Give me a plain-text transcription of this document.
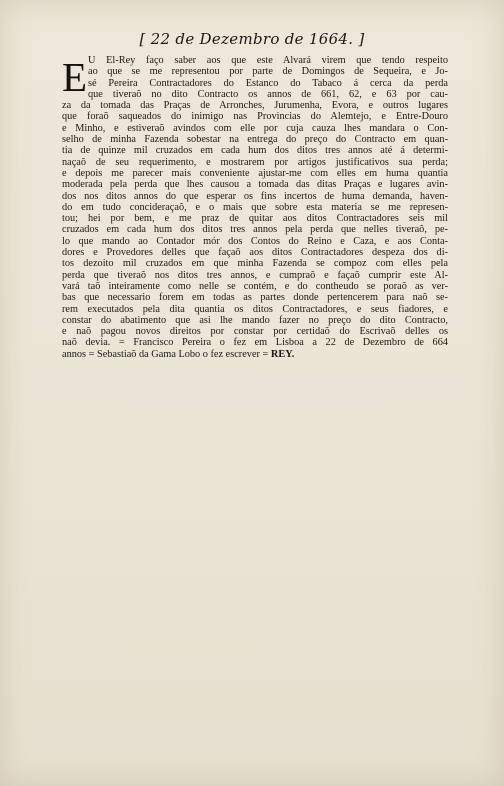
[ 22 de Dezembro de 1664. ]
E U El-Rey faço saber aos que este Alvará virem que tendo respeito
ao que se me representou por parte de Domingos de Sequeira, e Jo-
sé Pereira Contractadores do Estanco do Tabaco á cerca da perda
que tiveraõ no dito Contracto os annos de 661, 62, e 63 por cau-
za da tomada das Praças de Arronches, Jurumenha, Evora, e outros lugares
que foraõ saqueados do inimigo nas Provincias do Alemtejo, e Entre-Douro
e Minho, e estiveraõ avindos com elle por cuja cauza lhes mandara o Con-
selho de minha Fazenda sobestar na entrega do preço do Contracto em quan-
tia de quinze mil cruzados em cada hum dos ditos tres annos até á determi-
naçaõ de seu requerimento, e mostrarem por artigos justificativos sua perda;
e depois me parecer mais conveniente ajustar-me com elles em huma quantia
moderada pela perda que lhes causou a tomada das ditas Praças e lugares avin-
dos nos ditos annos do que esperar os fins incertos de huma demanda, haven-
do em tudo concideraçaõ, e o mais que sobre esta materia se me represen-
tou; hei por bem, e me praz de quitar aos ditos Contractadores seis mil
cruzados em cada hum dos ditos tres annos pela perda que nelles tiveraõ, pe-
lo que mando ao Contador mór dos Contos do Reino e Caza, e aos Conta-
dores e Provedores delles que façaõ aos ditos Contractadores despeza dos di-
tos dezoito mil cruzados em que minha Fazenda se compoz com elles pela
perda que tiveraõ nos ditos tres annos, e cumpraõ e façaõ cumprir este Al-
vará taõ inteiramente como nelle se contém, e do contheudo se poraõ as ver-
bas que necessario forem em todas as partes donde pertencerem para naõ se-
rem executados pela dita quantia os ditos Contractadores, e seus fiadores, e
constar do abatimento que asi lhe mando fazer no preço do dito Contracto,
e naõ pagou novos direitos por constar por certidaõ do Escrivaõ delles os
naõ devia. = Francisco Pereira o fez em Lisboa a 22 de Dezembro de 664
annos = Sebastiaõ da Gama Lobo o fez escrever = REY.
